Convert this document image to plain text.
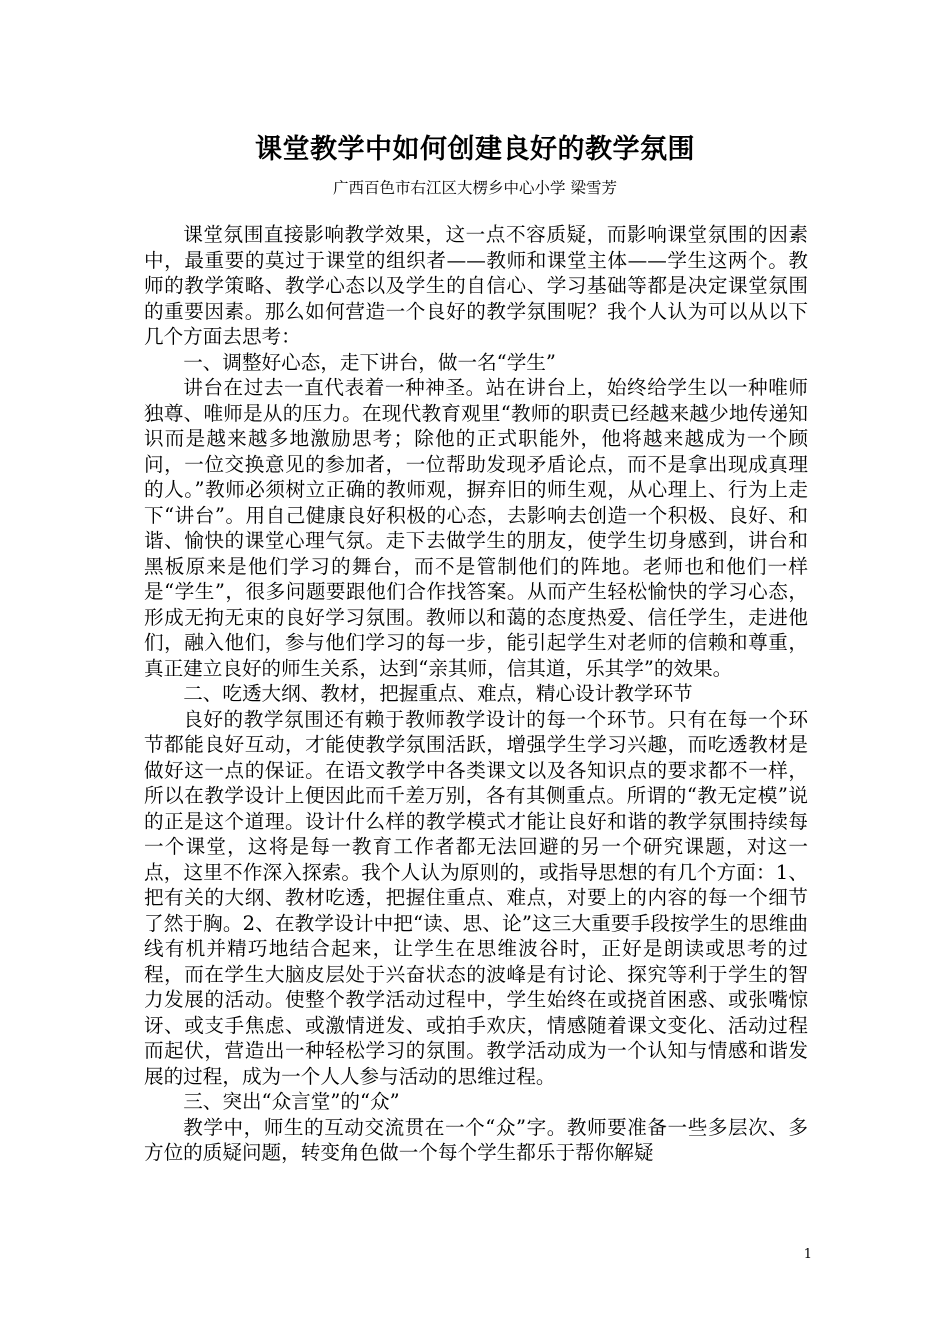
课堂教学中如何创建良好的教学氛围
广西百色市右江区大楞乡中心小学 梁雪芳

课堂氛围直接影响教学效果，这一点不容质疑，而影响课堂氛围的因素中，最重要的莫过于课堂的组织者——教师和课堂主体——学生这两个。教师的教学策略、教学心态以及学生的自信心、学习基础等都是决定课堂氛围的重要因素。那么如何营造一个良好的教学氛围呢？我个人认为可以从以下几个方面去思考：

一、调整好心态，走下讲台，做一名“学生”

讲台在过去一直代表着一种神圣。站在讲台上，始终给学生以一种唯师独尊、唯师是从的压力。在现代教育观里“教师的职责已经越来越少地传递知识而是越来越多地激励思考；除他的正式职能外，他将越来越成为一个顾问，一位交换意见的参加者，一位帮助发现矛盾论点，而不是拿出现成真理的人。”教师必须树立正确的教师观，摒弃旧的师生观，从心理上、行为上走下“讲台”。用自己健康良好积极的心态，去影响去创造一个积极、良好、和谐、愉快的课堂心理气氛。走下去做学生的朋友，使学生切身感到，讲台和黑板原来是他们学习的舞台，而不是管制他们的阵地。老师也和他们一样是“学生”，很多问题要跟他们合作找答案。从而产生轻松愉快的学习心态，形成无拘无束的良好学习氛围。教师以和蔼的态度热爱、信任学生，走进他们，融入他们，参与他们学习的每一步，能引起学生对老师的信赖和尊重，真正建立良好的师生关系，达到“亲其师，信其道，乐其学”的效果。

二、吃透大纲、教材，把握重点、难点，精心设计教学环节

良好的教学氛围还有赖于教师教学设计的每一个环节。只有在每一个环节都能良好互动，才能使教学氛围活跃，增强学生学习兴趣，而吃透教材是做好这一点的保证。在语文教学中各类课文以及各知识点的要求都不一样，所以在教学设计上便因此而千差万别，各有其侧重点。所谓的“教无定模”说的正是这个道理。设计什么样的教学模式才能让良好和谐的教学氛围持续每一个课堂，这将是每一教育工作者都无法回避的另一个研究课题，对这一点，这里不作深入探索。我个人认为原则的，或指导思想的有几个方面：1、把有关的大纲、教材吃透，把握住重点、难点，对要上的内容的每一个细节了然于胸。2、在教学设计中把“读、思、论”这三大重要手段按学生的思维曲线有机并精巧地结合起来，让学生在思维波谷时，正好是朗读或思考的过程，而在学生大脑皮层处于兴奋状态的波峰是有讨论、探究等利于学生的智力发展的活动。使整个教学活动过程中，学生始终在或挠首困惑、或张嘴惊讶、或支手焦虑、或激情迸发、或拍手欢庆，情感随着课文变化、活动过程而起伏，营造出一种轻松学习的氛围。教学活动成为一个认知与情感和谐发展的过程，成为一个人人参与活动的思维过程。

三、突出“众言堂”的“众”

教学中，师生的互动交流贯在一个“众”字。教师要准备一些多层次、多方位的质疑问题，转变角色做一个每个学生都乐于帮你解疑

1
